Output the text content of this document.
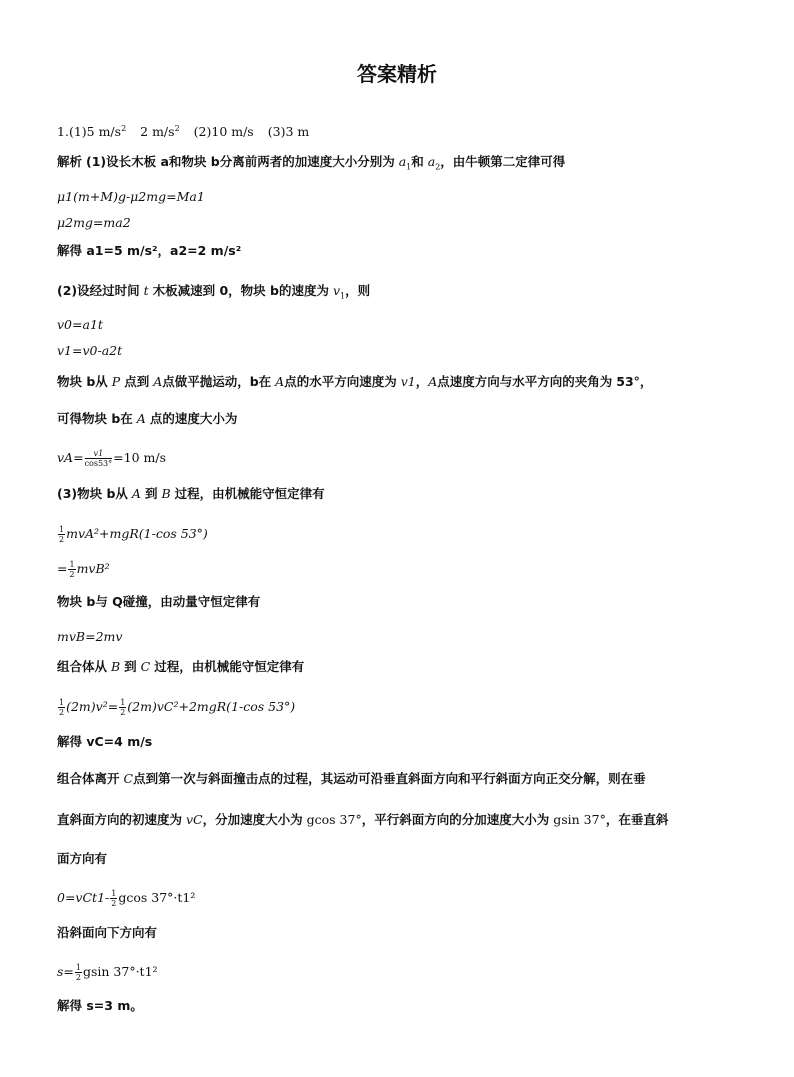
答案精析
1.(1)5 $m/s^2$ 2 $m/s^2$ (2)10 m/s (3)3 m
解析 (1)设长木板 a和物块 b分离前两者的加速度大小分别为 $a_1$和 $a_2$，由牛顿第二定律可得
μ1(m+M)g-μ2mg=Ma1
μ2mg=ma2
解得 a1=5 m/s²，a2=2 m/s²
(2)设经过时间 t 木板减速到 0，物块 b的速度为 $v_1$，则
v0=a1t
v1=v0-a2t
物块 b从 P 点到 A点做平抛运动，b在 A点的水平方向速度为 v1，A点速度方向与水平方向的夹角为 53°，
可得物块 b在 A 点的速度大小为
$vA= \frac{v1}{\cos 53^\circ} =10$ m/s
(3)物块 b从 A 到 B 过程，由机械能守恒定律有
$\frac{1}{2} mvA^2+mgR(1-\cos$ 53°)
= $\frac{1}{2} mvB^2$
物块 b与 Q碰撞，由动量守恒定律有
mvB=2mv
组合体从 B 到 C 过程，由机械能守恒定律有
$\frac{1}{2} (2m)v^2= \frac{1}{2} (2m)vC^2+2mgR(1-\cos$ 53°)
解得 vC=4 m/s
组合体离开 C点到第一次与斜面撞击点的过程，其运动可沿垂直斜面方向和平行斜面方向正交分解，则在垂
直斜面方向的初速度为 vC，分加速度大小为 gcos 37°，平行斜面方向的分加速度大小为 gsin 37°，在垂直斜
面方向有
$0=vCt1- \frac{1}{2}$ gcos 37°·t1²
沿斜面向下方向有
$s= \frac{1}{2}$ gsin 37°·t1²
解得 s=3 m。
